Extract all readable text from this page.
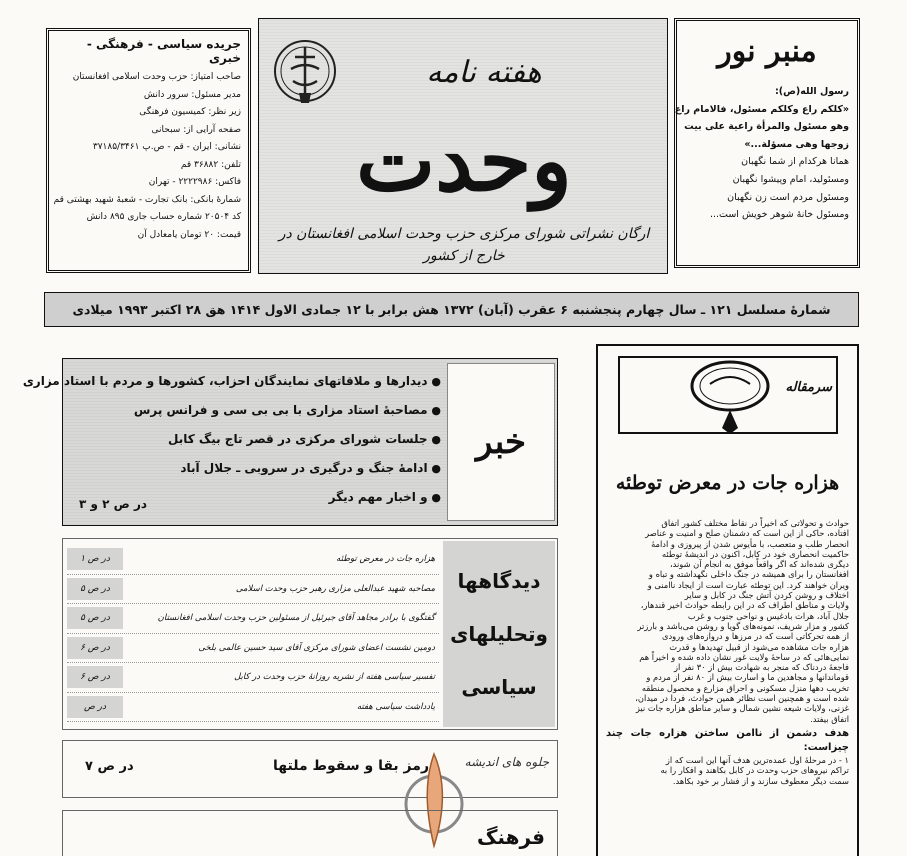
جریده سیاسی - فرهنگی - خبری
صاحب امتیاز: حزب وحدت اسلامی افغانستان
مدیر مسئول: سرور دانش
زیر نظر: کمیسیون فرهنگی
صفحه آرایی از: سبحانی
نشانی: ایران - قم - ص.پ ۳۷۱۸۵/۳۴۶۱
تلفن: ۳۶۸۸۲ قم
فاکس: ۲۲۲۲۹۸۶ - تهران
شمارهٔ بانکی: بانک تجارت - شعبهٔ شهید بهشتی قم
کد ۲۰۵۰۴ شماره حساب جاری ۸۹۵ دانش
قیمت: ۲۰ تومان یامعادل آن
هفته نامه
وحدت
ارگان نشراتی شورای مرکزی حزب وحدت اسلامی افغانستان در خارج از کشور
منبر نور
رسول الله(ص):
«کلکم راع وکلکم مسئول، فالامام راع
وهو مسئول والمرأة راعیة علی بیت
زوجها وهی مسؤلة...»
همانا هرکدام از شما نگهبان
ومسئولید، امام وپیشوا نگهبان
ومسئول مردم است زن نگهبان
ومسئول خانهٔ شوهر خویش است...
شمارهٔ مسلسل ۱۲۱ ـ سال چهارم پنجشنبه ۶ عقرب (آبان) ۱۳۷۲ هش برابر با ۱۲ جمادی الاول ۱۴۱۴ هق ۲۸ اکتبر ۱۹۹۳ میلادی
خبر
● دیدارها و ملاقاتهای نمایندگان احزاب، کشورها و مردم با استاد مزاری
● مصاحبهٔ استاد مزاری با بی بی سی و فرانس پرس
● جلسات شورای مرکزی در قصر تاج بیگ کابل
● ادامهٔ جنگ و درگیری در سروبی ـ جلال آباد
● و اخبار مهم دیگر
در ص ۲ و ۳
دیدگاهها
وتحلیلهای
سیاسی
هزاره جات در معرض توطئه
در ص ۱
مصاحبه شهید عبدالعلی مزاری رهبر حزب وحدت اسلامی
در ص ۵
گفتگوی با برادر مجاهد آقای جبرئیل از مسئولین حزب وحدت اسلامی افغانستان
در ص ۵
دومین نشست اعضای شورای مرکزی آقای سید حسین عالمی بلخی
در ص ۶
تفسیر سیاسی هفته از نشریه روزانهٔ حزب وحدت در کابل
در ص ۶
یادداشت سیاسی هفته
در ص
جلوه های اندیشه
رمز بقا و سقوط ملتها
در ص ۷
فرهنگ
سرمقاله
هزاره جات در معرض توطئه
حوادث و تحولاتی که اخیراً در نقاط مختلف کشور اتفاق
افتاده، حاکی از این است که دشمنان صلح و امنیت و عناصر
انحصار طلب و متعصب، با مأیوس شدن از پیروزی و ادامهٔ
حاکمیت انحصاری خود در کابل، اکنون در اندیشهٔ توطئه
دیگری شده‌اند که اگر واقعاً موفق به انجام آن شوند،
افغانستان را برای همیشه در جنگ داخلی نگهداشته و تباه و
ویران خواهند کرد. این توطئه عبارت است از ایجاد ناامنی و
اختلاف و روشن کردن آتش جنگ در کابل و سایر
ولایات و مناطق اطراف که در این رابطه حوادث اخیر قندهار،
جلال آباد، هرات بادغیس و نواحی جنوب و غرب
کشور و مزار شریف، نمونه‌های گویا و روشن می‌باشد و بارزتر
از همه تحرکاتی است که در مرزها و دروازه‌های ورودی
هزاره جات مشاهده می‌شود از قبیل تهدیدها و قدرت
نمایی‌هائی که در ساحهٔ ولایت غور نشان داده شده و اخیراً هم
فاجعهٔ دردناک که منجر به شهادت بیش از ۳۰ نفر از
قوماندانها و مجاهدین ما و اسارت بیش از ۸۰ نفر از مردم و
تخریب دهها منزل مسکونی و احراق مزارع و محصول منطقه
شده است و همچنین است نظائر همین حوادث، فردا در میدان،
غزنی، ولایات شیعه نشین شمال و سایر مناطق هزاره جات نیز
اتفاق بیفتد.
هدف دشمن از ناامن ساختن هزاره جات چند چیزاست:
۱ - در مرحلهٔ اول عمده‌ترین هدف آنها این است که از
تراکم نیروهای حزب وحدت در کابل بکاهند و افکار را به
سمت دیگر معطوف سازند و از فشار بر خود بکاهد.
